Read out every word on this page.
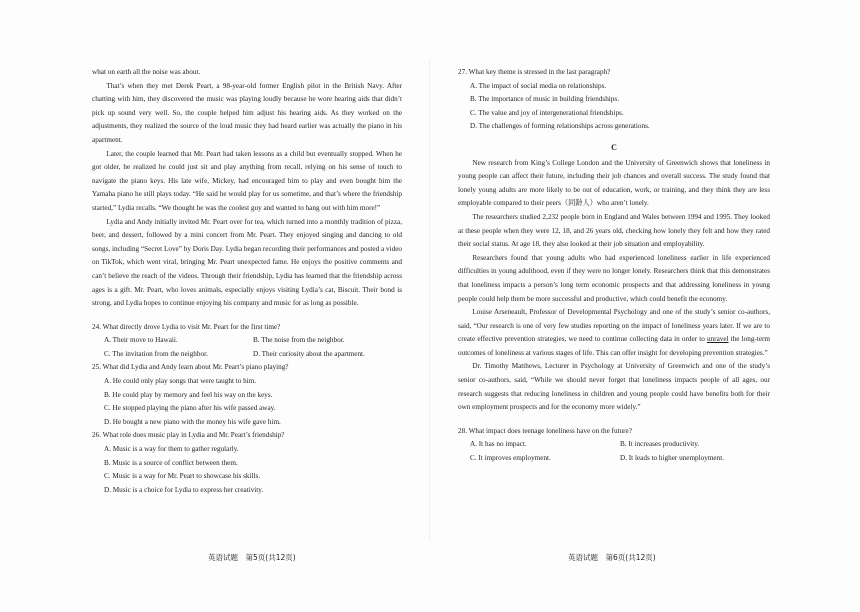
what on earth all the noise was about.

That’s when they met Derek Peart, a 98-year-old former English pilot in the British Navy. After chatting with him, they discovered the music was playing loudly because he wore hearing aids that didn’t pick up sound very well. So, the couple helped him adjust his hearing aids. As they worked on the adjustments, they realized the source of the loud music they had heard earlier was actually the piano in his apartment.

Later, the couple learned that Mr. Peart had taken lessons as a child but eventually stopped. When he got older, he realized he could just sit and play anything from recall, relying on his sense of touch to navigate the piano keys. His late wife, Mickey, had encouraged him to play and even bought him the Yamaha piano he still plays today. “He said he would play for us sometime, and that’s where the friendship started,” Lydia recalls. “We thought he was the coolest guy and wanted to hang out with him more!”

Lydia and Andy initially invited Mr. Peart over for tea, which turned into a monthly tradition of pizza, beer, and dessert, followed by a mini concert from Mr. Peart. They enjoyed singing and dancing to old songs, including “Secret Love” by Doris Day. Lydia began recording their performances and posted a video on TikTok, which went viral, bringing Mr. Peart unexpected fame. He enjoys the positive comments and can’t believe the reach of the videos. Through their friendship, Lydia has learned that the friendship across ages is a gift. Mr. Peart, who loves animals, especially enjoys visiting Lydia’s cat, Biscuit. Their bond is strong, and Lydia hopes to continue enjoying his company and music for as long as possible.

24. What directly drove Lydia to visit Mr. Peart for the first time?

A. Their move to Hawaii.	B. The noise from the neighbor.
C. The invitation from the neighbor.	D. Their curiosity about the apartment.

25. What did Lydia and Andy learn about Mr. Peart’s piano playing?

A. He could only play songs that were taught to him.

B. He could play by memory and feel his way on the keys.

C. He stopped playing the piano after his wife passed away.

D. He bought a new piano with the money his wife gave him.

26. What role does music play in Lydia and Mr. Peart’s friendship?

A. Music is a way for them to gather regularly.

B. Music is a source of conflict between them.

C. Music is a way for Mr. Peart to showcase his skills.

D. Music is a choice for Lydia to express her creativity.

27. What key theme is stressed in the last paragraph?

A. The impact of social media on relationships.

B. The importance of music in building friendships.

C. The value and joy of intergenerational friendships.

D. The challenges of forming relationships across generations.

C

New research from King’s College London and the University of Greenwich shows that loneliness in young people can affect their future, including their job chances and overall success. The study found that lonely young adults are more likely to be out of education, work, or training, and they think they are less employable compared to their peers（同龄人）who aren’t lonely.

The researchers studied 2,232 people born in England and Wales between 1994 and 1995. They looked at these people when they were 12, 18, and 26 years old, checking how lonely they felt and how they rated their social status. At age 18, they also looked at their job situation and employability.

Researchers found that young adults who had experienced loneliness earlier in life experienced difficulties in young adulthood, even if they were no longer lonely. Researchers think that this demonstrates that loneliness impacts a person’s long term economic prospects and that addressing loneliness in young people could help them be more successful and productive, which could benefit the economy.

Louise Arseneault, Professor of Developmental Psychology and one of the study’s senior co-authors, said, “Our research is one of very few studies reporting on the impact of loneliness years later. If we are to create effective prevention strategies, we need to continue collecting data in order to unravel the long-term outcomes of loneliness at various stages of life. This can offer insight for developing prevention strategies.”

Dr. Timothy Matthews, Lecturer in Psychology at University of Greenwich and one of the study’s senior co-authors, said, “While we should never forget that loneliness impacts people of all ages, our research suggests that reducing loneliness in children and young people could have benefits both for their own employment prospects and for the economy more widely.”

28. What impact does teenage loneliness have on the future?

A. It has no impact.	B. It increases productivity.
C. It improves employment.	D. It leads to higher unemployment.
英语试题　第5页(共12页)	英语试题　第6页(共12页)
